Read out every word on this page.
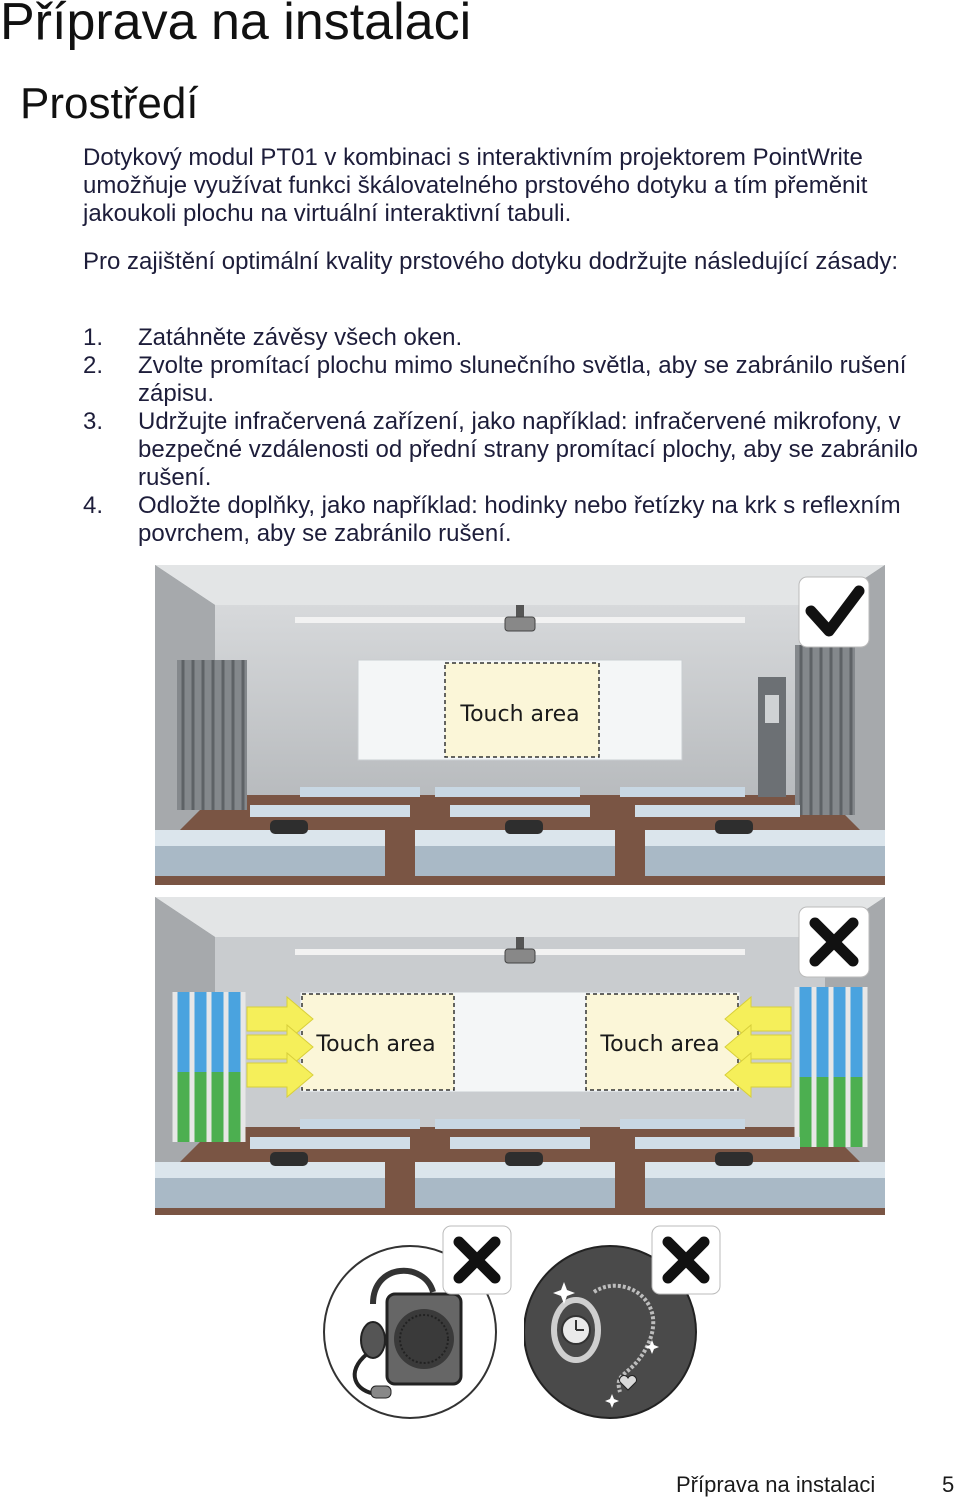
Příprava na instalaci
Prostředí

Dotykový modul PT01 v kombinaci s interaktivním projektorem PointWrite umožňuje využívat funkci škálovatelného prstového dotyku a tím přeměnit jakoukoli plochu na virtuální interaktivní tabuli.

Pro zajištění optimální kvality prstového dotyku dodržujte následující zásady:

1. Zatáhněte závěsy všech oken.
2. Zvolte promítací plochu mimo slunečního světla, aby se zabránilo rušení zápisu.
3. Udržujte infračervená zařízení, jako například: infračervené mikrofony, v bezpečné vzdálenosti od přední strany promítací plochy, aby se zabránilo rušení.
4. Odložte doplňky, jako například: hodinky nebo řetízky na krk s reflexním povrchem, aby se zabránilo rušení.
Touch area
Touch area	Touch area
Příprava na instalaci	5
